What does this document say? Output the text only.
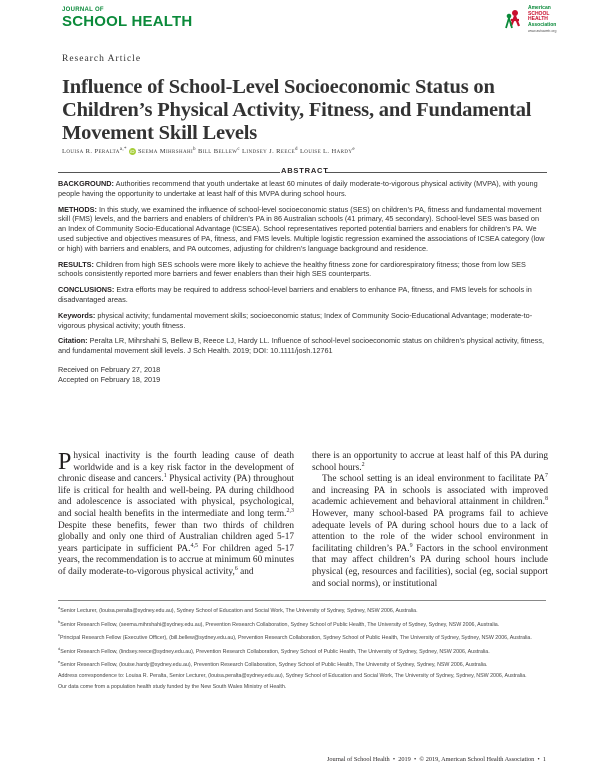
JOURNAL OF
SCHOOL HEALTH
American
SCHOOL
HEALTH
Association
www.ashaweb.org
Research Article
Influence of School-Level Socioeconomic Status on Children’s Physical Activity, Fitness, and Fundamental Movement Skill Levels
Louisa R. Peralta$^{a,*}$ iD Seema Mihrshahi$^b$ Bill Bellew$^c$ Lindsey J. Reece$^d$ Louise L. Hardy$^e$
ABSTRACT

BACKGROUND: Authorities recommend that youth undertake at least 60 minutes of daily moderate-to-vigorous physical activity (MVPA), with young people having the opportunity to undertake at least half of this MVPA during school hours.

METHODS: In this study, we examined the influence of school-level socioeconomic status (SES) on children’s PA, fitness and fundamental movement skill (FMS) levels, and the barriers and enablers of children’s PA in 86 Australian schools (41 primary, 45 secondary). School-level SES was based on an Index of Community Socio-Educational Advantage (ICSEA). School representatives reported potential barriers and enablers for children’s PA. We used subjective and objectives measures of PA, fitness, and FMS levels. Multiple logistic regression examined the associations of ICSEA category (low or high) with barriers and enablers, and PA outcomes, adjusting for children’s language background and residence.

RESULTS: Children from high SES schools were more likely to achieve the healthy fitness zone for cardiorespiratory fitness; those from low SES schools consistently reported more barriers and fewer enablers than their high SES counterparts.

CONCLUSIONS: Extra efforts may be required to address school-level barriers and enablers to enhance PA, fitness, and FMS levels for schools in disadvantaged areas.

Keywords: physical activity; fundamental movement skills; socioeconomic status; Index of Community Socio-Educational Advantage; moderate-to-vigorous physical activity; youth fitness.

Citation: Peralta LR, Mihrshahi S, Bellew B, Reece LJ, Hardy LL. Influence of school-level socioeconomic status on children’s physical activity, fitness, and fundamental movement skill levels. J Sch Health. 2019; DOI: 10.1111/josh.12761

Received on February 27, 2018
Accepted on February 18, 2019

Physical inactivity is the fourth leading cause of death worldwide and is a key risk factor in the development of chronic disease and cancers.$^1$ Physical activity (PA) throughout life is critical for health and well-being. PA during childhood and adolescence is associated with physical, psychological, and social health benefits in the intermediate and long term.$^{2,3}$ Despite these benefits, fewer than two thirds of children globally and only one third of Australian children aged 5-17 years participate in sufficient PA.$^{4,5}$ For children aged 5-17 years, the recommendation is to accrue at minimum 60 minutes of daily moderate-to-vigorous physical activity,$^6$ and

there is an opportunity to accrue at least half of this PA during school hours.$^2$

The school setting is an ideal environment to facilitate $PA^7$ and increasing PA in schools is associated with improved academic achievement and behavioral attainment in children.$^8$ However, many school-based PA programs fail to achieve adequate levels of PA during school hours due to a lack of attention to the role of the wider school environment in facilitating children’s PA.$^9$ Factors in the school environment that may affect children’s PA during school hours include physical (eg, resources and facilities), social (eg, social support and social norms), or institutional

$^a$Senior Lecturer, (louisa.peralta@sydney.edu.au), Sydney School of Education and Social Work, The University of Sydney, Sydney, NSW 2006, Australia.

$^b$Senior Research Fellow, (seema.mihrshahi@sydney.edu.au), Prevention Research Collaboration, Sydney School of Public Health, The University of Sydney, Sydney, NSW 2006, Australia.

$^c$Principal Research Fellow (Executive Officer), (bill.bellew@sydney.edu.au), Prevention Research Collaboration, Sydney School of Public Health, The University of Sydney, Sydney, NSW 2006, Australia.

$^d$Senior Research Fellow, (lindsey.reece@sydney.edu.au), Prevention Research Collaboration, Sydney School of Public Health, The University of Sydney, Sydney, NSW 2006, Australia.

$^e$Senior Research Fellow, (louise.hardy@sydney.edu.au), Prevention Research Collaboration, Sydney School of Public Health, The University of Sydney, Sydney, NSW 2006, Australia.

Address correspondence to: Louisa R. Peralta, Senior Lecturer, (louisa.peralta@sydney.edu.au), Sydney School of Education and Social Work, The University of Sydney, Sydney, NSW 2006, Australia.

Our data come from a population health study funded by the New South Wales Ministry of Health.

Journal of School Health • 2019 • © 2019, American School Health Association • 1
